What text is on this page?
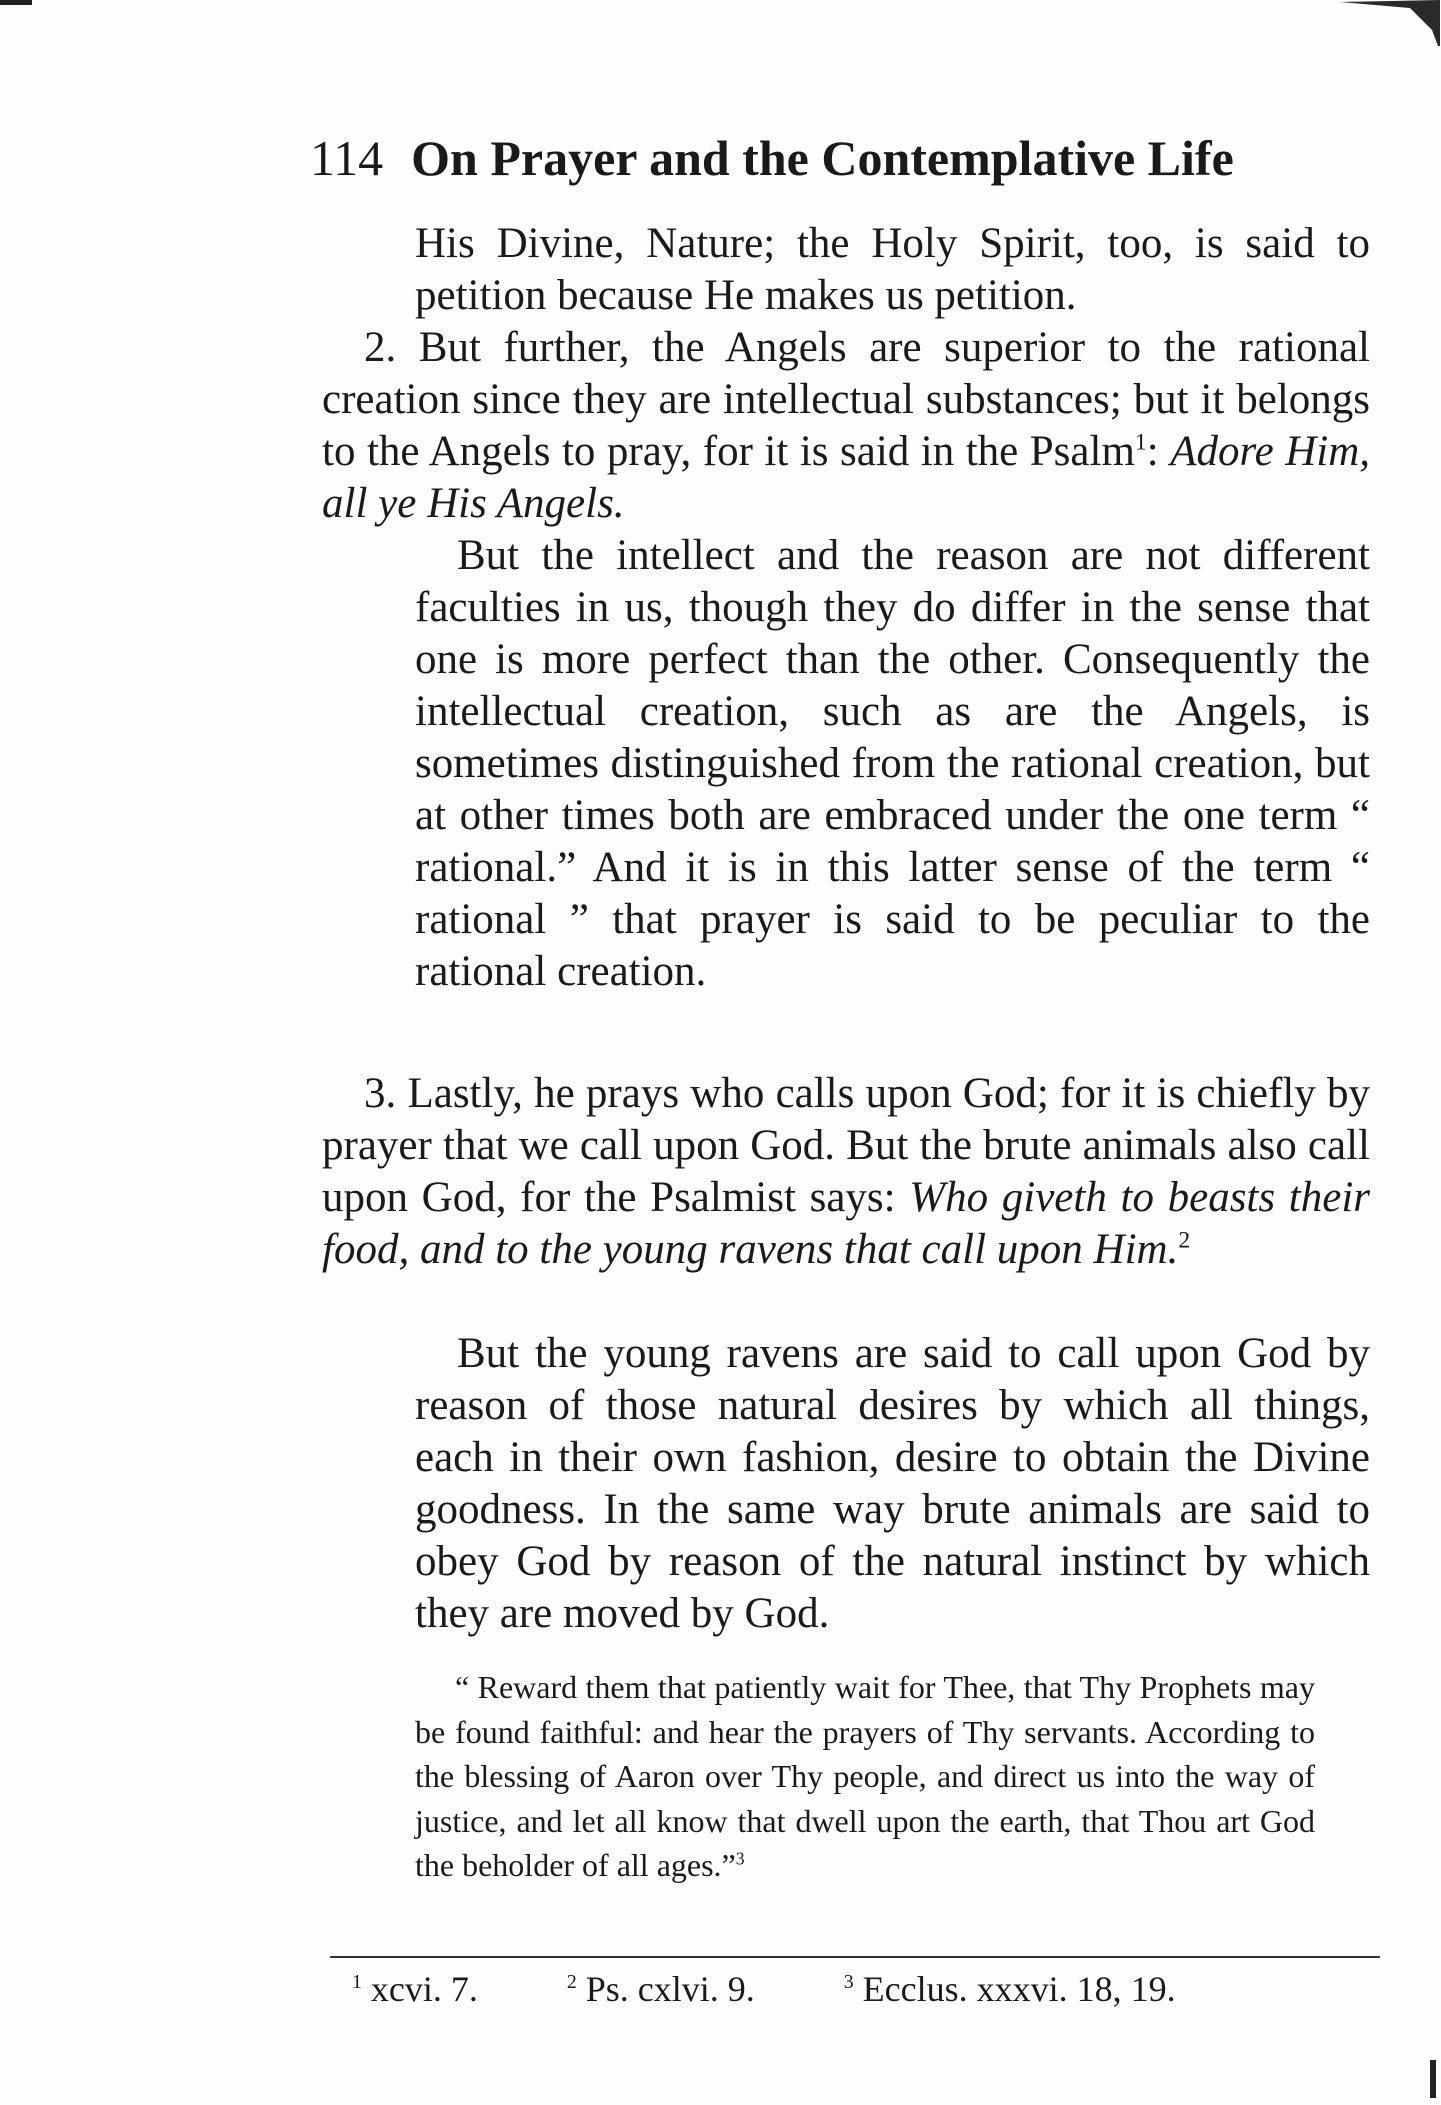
114 On Prayer and the Contemplative Life

His Divine, Nature; the Holy Spirit, too, is said to petition because He makes us petition.

2. But further, the Angels are superior to the rational creation since they are intellectual substances; but it belongs to the Angels to pray, for it is said in the Psalm$^1$: Adore Him, all ye His Angels.

But the intellect and the reason are not different faculties in us, though they do differ in the sense that one is more perfect than the other. Consequently the intellectual creation, such as are the Angels, is sometimes distinguished from the rational creation, but at other times both are embraced under the one term “ rational.” And it is in this latter sense of the term “ rational ” that prayer is said to be peculiar to the rational creation.

3. Lastly, he prays who calls upon God; for it is chiefly by prayer that we call upon God. But the brute animals also call upon God, for the Psalmist says: Who giveth to beasts their food, and to the young ravens that call upon Him.$^2$

But the young ravens are said to call upon God by reason of those natural desires by which all things, each in their own fashion, desire to obtain the Divine goodness. In the same way brute animals are said to obey God by reason of the natural instinct by which they are moved by God.

“ Reward them that patiently wait for Thee, that Thy Prophets may be found faithful: and hear the prayers of Thy servants. According to the blessing of Aaron over Thy people, and direct us into the way of justice, and let all know that dwell upon the earth, that Thou art God the beholder of all ages.”$^3$
$^1$ xcvi. 7.	$^2$ Ps. cxlvi. 9.	$^3$ Ecclus. xxxvi. 18, 19.
